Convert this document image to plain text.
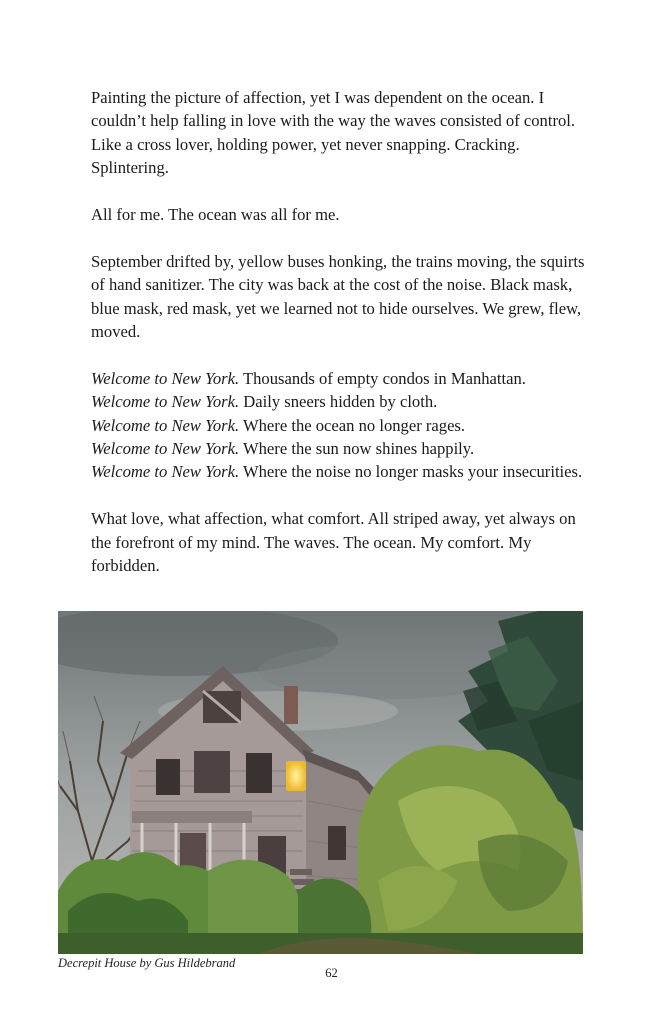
Painting the picture of affection, yet I was dependent on the ocean. I couldn’t help falling in love with the way the waves consisted of control. Like a cross lover, holding power, yet never snapping. Cracking. Splintering.

All for me. The ocean was all for me.

September drifted by, yellow buses honking, the trains moving, the squirts of hand sanitizer. The city was back at the cost of the noise. Black mask, blue mask, red mask, yet we learned not to hide ourselves. We grew, flew, moved.

Welcome to New York. Thousands of empty condos in Manhattan.

Welcome to New York. Daily sneers hidden by cloth.

Welcome to New York. Where the ocean no longer rages.

Welcome to New York. Where the sun now shines happily.

Welcome to New York. Where the noise no longer masks your insecurities.

What love, what affection, what comfort. All striped away, yet always on the forefront of my mind. The waves. The ocean. My comfort. My forbidden.

Decrepit House by Gus Hildebrand
62
